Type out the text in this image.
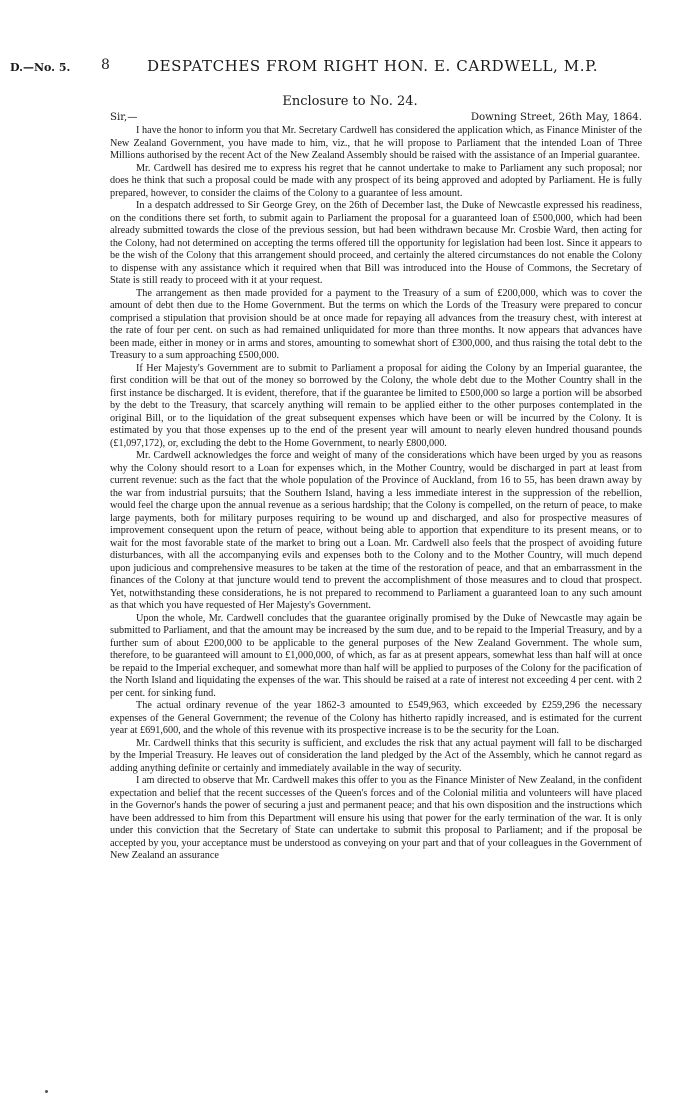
D.—No. 5. 8 DESPATCHES FROM RIGHT HON. E. CARDWELL, M.P.
Enclosure to No. 24.
Sir,—	Downing Street, 26th May, 1864.

I have the honor to inform you that Mr. Secretary Cardwell has considered the application which, as Finance Minister of the New Zealand Government, you have made to him, viz., that he will propose to Parliament that the intended Loan of Three Millions authorised by the recent Act of the New Zealand Assembly should be raised with the assistance of an Imperial guarantee.

Mr. Cardwell has desired me to express his regret that he cannot undertake to make to Parliament any such proposal; nor does he think that such a proposal could be made with any prospect of its being approved and adopted by Parliament. He is fully prepared, however, to consider the claims of the Colony to a guarantee of less amount.

In a despatch addressed to Sir George Grey, on the 26th of December last, the Duke of Newcastle expressed his readiness, on the conditions there set forth, to submit again to Parliament the proposal for a guaranteed loan of £500,000, which had been already submitted towards the close of the previous session, but had been withdrawn because Mr. Crosbie Ward, then acting for the Colony, had not determined on accepting the terms offered till the opportunity for legislation had been lost. Since it appears to be the wish of the Colony that this arrangement should proceed, and certainly the altered circumstances do not enable the Colony to dispense with any assistance which it required when that Bill was introduced into the House of Commons, the Secretary of State is still ready to proceed with it at your request.

The arrangement as then made provided for a payment to the Treasury of a sum of £200,000, which was to cover the amount of debt then due to the Home Government. But the terms on which the Lords of the Treasury were prepared to concur comprised a stipulation that provision should be at once made for repaying all advances from the treasury chest, with interest at the rate of four per cent. on such as had remained unliquidated for more than three months. It now appears that advances have been made, either in money or in arms and stores, amounting to somewhat short of £300,000, and thus raising the total debt to the Treasury to a sum approaching £500,000.

If Her Majesty's Government are to submit to Parliament a proposal for aiding the Colony by an Imperial guarantee, the first condition will be that out of the money so borrowed by the Colony, the whole debt due to the Mother Country shall in the first instance be discharged. It is evident, therefore, that if the guarantee be limited to £500,000 so large a portion will be absorbed by the debt to the Treasury, that scarcely anything will remain to be applied either to the other purposes contemplated in the original Bill, or to the liquidation of the great subsequent expenses which have been or will be incurred by the Colony. It is estimated by you that those expenses up to the end of the present year will amount to nearly eleven hundred thousand pounds (£1,097,172), or, excluding the debt to the Home Government, to nearly £800,000.

Mr. Cardwell acknowledges the force and weight of many of the considerations which have been urged by you as reasons why the Colony should resort to a Loan for expenses which, in the Mother Country, would be discharged in part at least from current revenue: such as the fact that the whole population of the Province of Auckland, from 16 to 55, has been drawn away by the war from industrial pursuits; that the Southern Island, having a less immediate interest in the suppression of the rebellion, would feel the charge upon the annual revenue as a serious hardship; that the Colony is compelled, on the return of peace, to make large payments, both for military purposes requiring to be wound up and discharged, and also for prospective measures of improvement consequent upon the return of peace, without being able to apportion that expenditure to its present means, or to wait for the most favorable state of the market to bring out a Loan. Mr. Cardwell also feels that the prospect of avoiding future disturbances, with all the accompanying evils and expenses both to the Colony and to the Mother Country, will much depend upon judicious and comprehensive measures to be taken at the time of the restoration of peace, and that an embarrassment in the finances of the Colony at that juncture would tend to prevent the accomplishment of those measures and to cloud that prospect. Yet, notwithstanding these considerations, he is not prepared to recommend to Parliament a guaranteed loan to any such amount as that which you have requested of Her Majesty's Government.

Upon the whole, Mr. Cardwell concludes that the guarantee originally promised by the Duke of Newcastle may again be submitted to Parliament, and that the amount may be increased by the sum due, and to be repaid to the Imperial Treasury, and by a further sum of about £200,000 to be applicable to the general purposes of the New Zealand Government. The whole sum, therefore, to be guaranteed will amount to £1,000,000, of which, as far as at present appears, somewhat less than half will at once be repaid to the Imperial exchequer, and somewhat more than half will be applied to purposes of the Colony for the pacification of the North Island and liquidating the expenses of the war. This should be raised at a rate of interest not exceeding 4 per cent. with 2 per cent. for sinking fund.

The actual ordinary revenue of the year 1862-3 amounted to £549,963, which exceeded by £259,296 the necessary expenses of the General Government; the revenue of the Colony has hitherto rapidly increased, and is estimated for the current year at £691,600, and the whole of this revenue with its prospective increase is to be the security for the Loan.

Mr. Cardwell thinks that this security is sufficient, and excludes the risk that any actual payment will fall to be discharged by the Imperial Treasury. He leaves out of consideration the land pledged by the Act of the Assembly, which he cannot regard as adding anything definite or certainly and immediately available in the way of security.

I am directed to observe that Mr. Cardwell makes this offer to you as the Finance Minister of New Zealand, in the confident expectation and belief that the recent successes of the Queen's forces and of the Colonial militia and volunteers will have placed in the Governor's hands the power of securing a just and permanent peace; and that his own disposition and the instructions which have been addressed to him from this Department will ensure his using that power for the early termination of the war. It is only under this conviction that the Secretary of State can undertake to submit this proposal to Parliament; and if the proposal be accepted by you, your acceptance must be understood as conveying on your part and that of your colleagues in the Government of New Zealand an assurance
